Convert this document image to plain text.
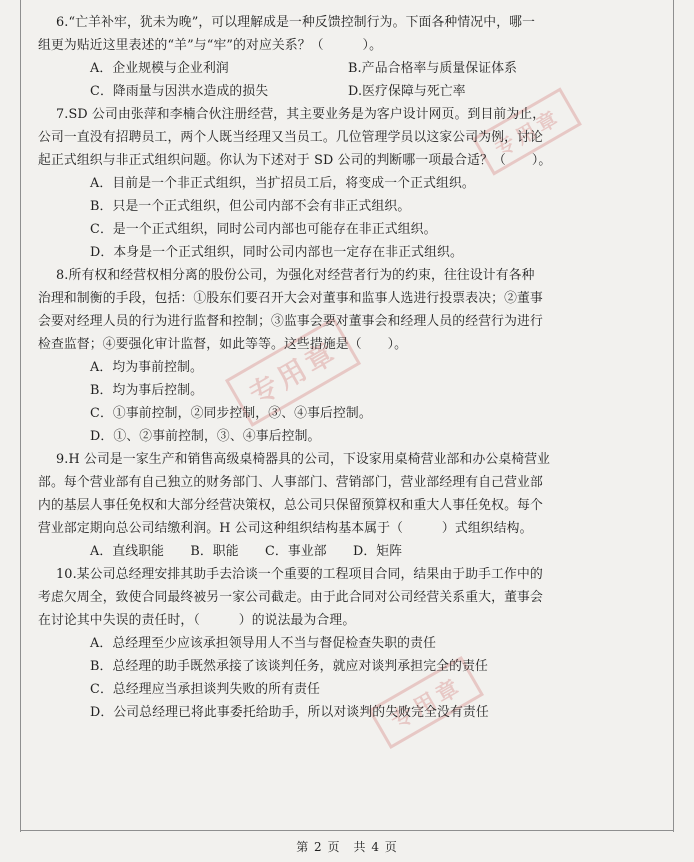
专用章
专用章
专用章
6.“亡羊补牢，犹未为晚”，可以理解成是一种反馈控制行为。下面各种情况中，哪一
组更为贴近这里表述的“羊”与“牢”的对应关系？（　　　）。
A．企业规模与企业利润	B.产品合格率与质量保证体系
C．降雨量与因洪水造成的损失	D.医疗保障与死亡率
7.SD 公司由张萍和李楠合伙注册经营，其主要业务是为客户设计网页。到目前为止，
公司一直没有招聘员工，两个人既当经理又当员工。几位管理学员以这家公司为例，讨论
起正式组织与非正式组织问题。你认为下述对于 SD 公司的判断哪一项最合适？（　　）。
A．目前是一个非正式组织，当扩招员工后，将变成一个正式组织。
B．只是一个正式组织，但公司内部不会有非正式组织。
C．是一个正式组织，同时公司内部也可能存在非正式组织。
D．本身是一个正式组织，同时公司内部也一定存在非正式组织。
8.所有权和经营权相分离的股份公司，为强化对经营者行为的约束，往往设计有各种
治理和制衡的手段，包括：①股东们要召开大会对董事和监事人选进行投票表决；②董事
会要对经理人员的行为进行监督和控制；③监事会要对董事会和经理人员的经营行为进行
检查监督；④要强化审计监督，如此等等。这些措施是（　　）。
A．均为事前控制。
B．均为事后控制。
C．①事前控制，②同步控制，③、④事后控制。
D．①、②事前控制，③、④事后控制。
9.H 公司是一家生产和销售高级桌椅器具的公司，下设家用桌椅营业部和办公桌椅营业
部。每个营业部有自己独立的财务部门、人事部门、营销部门，营业部经理有自己营业部
内的基层人事任免权和大部分经营决策权，总公司只保留预算权和重大人事任免权。每个
营业部定期向总公司结缴利润。H 公司这种组织结构基本属于（　　　）式组织结构。
A．直线职能 B．职能 C．事业部 D．矩阵
10.某公司总经理安排其助手去洽谈一个重要的工程项目合同，结果由于助手工作中的
考虑欠周全，致使合同最终被另一家公司截走。由于此合同对公司经营关系重大，董事会
在讨论其中失误的责任时，（　　　）的说法最为合理。
A．总经理至少应该承担领导用人不当与督促检查失职的责任
B．总经理的助手既然承接了该谈判任务，就应对谈判承担完全的责任
C．总经理应当承担谈判失败的所有责任
D．公司总经理已将此事委托给助手，所以对谈判的失败完全没有责任
第 2 页　共 4 页
